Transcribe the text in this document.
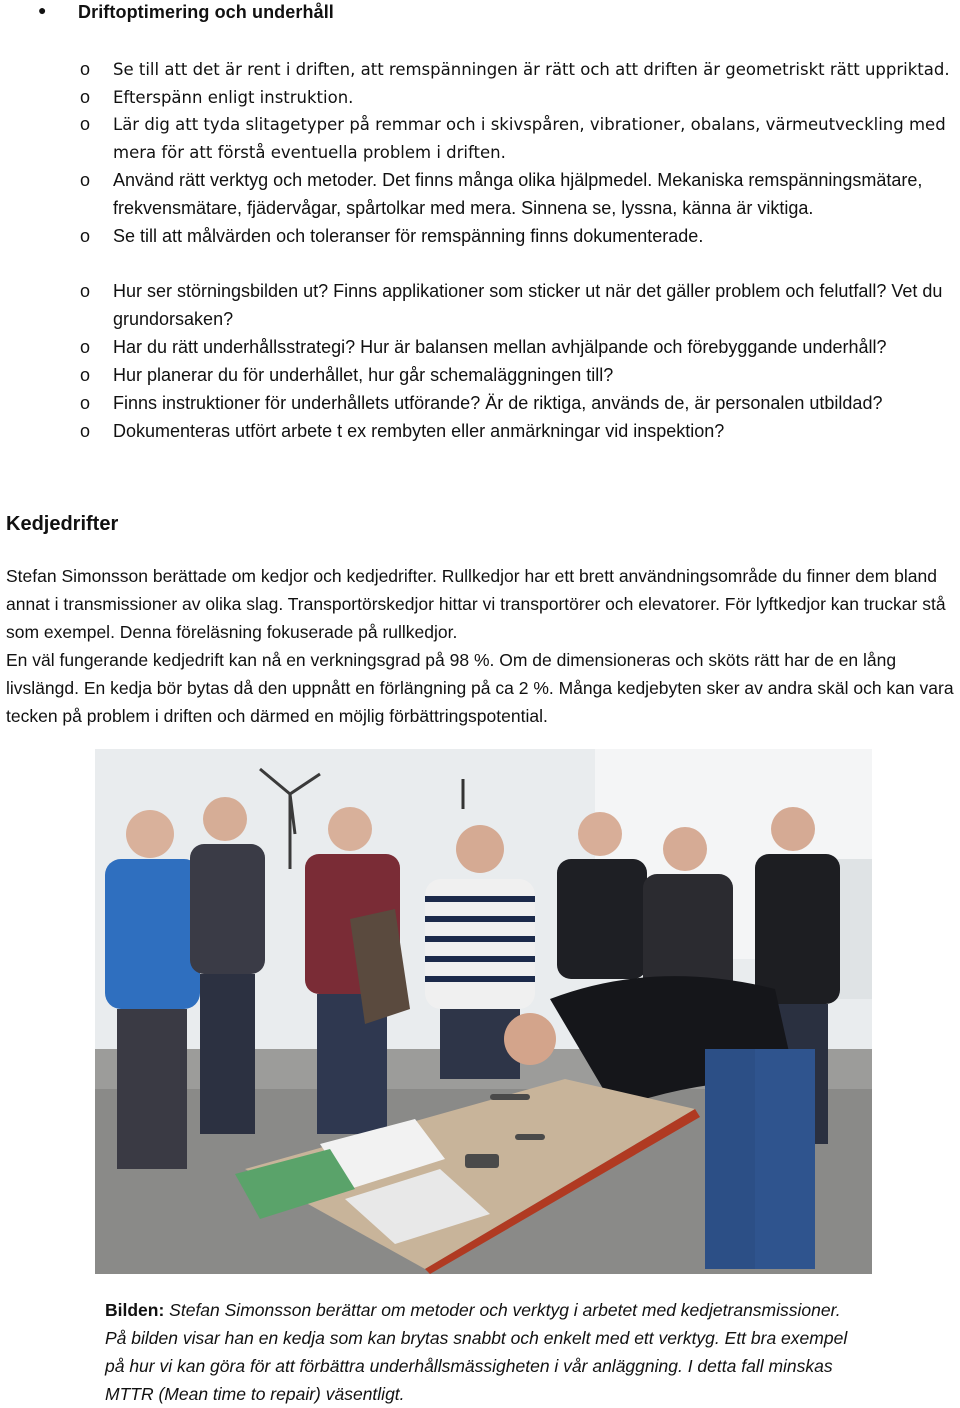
● Driftoptimering och underhåll
o Se till att det är rent i driften, att remspänningen är rätt och att driften är geometriskt rätt uppriktad.
o Efterspänn enligt instruktion.
o Lär dig att tyda slitagetyper på remmar och i skivspåren, vibrationer, obalans, värmeutveckling med mera för att förstå eventuella problem i driften.
o Använd rätt verktyg och metoder. Det finns många olika hjälpmedel. Mekaniska remspänningsmätare, frekvensmätare, fjädervågar, spårtolkar med mera. Sinnena se, lyssna, känna är viktiga.
o Se till att målvärden och toleranser för remspänning finns dokumenterade.
o Hur ser störningsbilden ut? Finns applikationer som sticker ut när det gäller problem och felutfall? Vet du grundorsaken?
o Har du rätt underhållsstrategi? Hur är balansen mellan avhjälpande och förebyggande underhåll?
o Hur planerar du för underhållet, hur går schemaläggningen till?
o Finns instruktioner för underhållets utförande? Är de riktiga, används de, är personalen utbildad?
o Dokumenteras utfört arbete t ex rembyten eller anmärkningar vid inspektion?
Kedjedrifter
Stefan Simonsson berättade om kedjor och kedjedrifter. Rullkedjor har ett brett användningsområde du finner dem bland annat i transmissioner av olika slag. Transportörskedjor hittar vi transportörer och elevatorer. För lyftkedjor kan truckar stå som exempel. Denna föreläsning fokuserade på rullkedjor.
En väl fungerande kedjedrift kan nå en verkningsgrad på 98 %. Om de dimensioneras och sköts rätt har de en lång livslängd. En kedja bör bytas då den uppnått en förlängning på ca 2 %. Många kedjebyten sker av andra skäl och kan vara tecken på problem i driften och därmed en möjlig förbättringspotential.
Bilden: Stefan Simonsson berättar om metoder och verktyg i arbetet med kedjetransmissioner. På bilden visar han en kedja som kan brytas snabbt och enkelt med ett verktyg. Ett bra exempel på hur vi kan göra för att förbättra underhållsmässigheten i vår anläggning. I detta fall minskas MTTR (Mean time to repair) väsentligt.
